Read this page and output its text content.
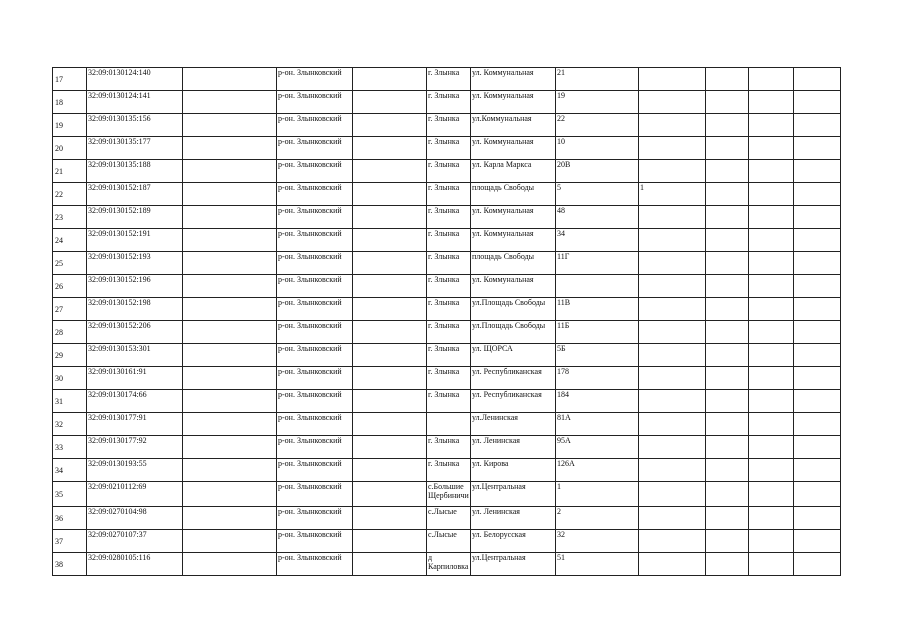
17	32:09:0130124:140		р-он. Злынковский		г. Злынка	ул. Коммунальная	21				
18	32:09:0130124:141		р-он. Злынковский		г. Злынка	ул. Коммунальная	19				
19	32:09:0130135:156		р-он. Злынковский		г. Злынка	ул.Коммунальная	22				
20	32:09:0130135:177		р-он. Злынковский		г. Злынка	ул. Коммунальная	10				
21	32:09:0130135:188		р-он. Злынковский		г. Злынка	ул. Карла Маркса	20В				
22	32:09:0130152:187		р-он. Злынковский		г. Злынка	площадь Свободы	5	1			
23	32:09:0130152:189		р-он. Злынковский		г. Злынка	ул. Коммунальная	48				
24	32:09:0130152:191		р-он. Злынковский		г. Злынка	ул. Коммунальная	34				
25	32:09:0130152:193		р-он. Злынковский		г. Злынка	площадь Свободы	11Г				
26	32:09:0130152:196		р-он. Злынковский		г. Злынка	ул. Коммунальная					
27	32:09:0130152:198		р-он. Злынковский		г. Злынка	ул.Площадь Свободы	11В				
28	32:09:0130152:206		р-он. Злынковский		г. Злынка	ул.Площадь Свободы	11Б				
29	32:09:0130153:301		р-он. Злынковский		г. Злынка	ул. ЩОРСА	5Б				
30	32:09:0130161:91		р-он. Злынковский		г. Злынка	ул. Республиканская	178				
31	32:09:0130174:66		р-он. Злынковский		г. Злынка	ул. Республиканская	184				
32	32:09:0130177:91		р-он. Злынковский			ул.Ленинская	81А				
33	32:09:0130177:92		р-он. Злынковский		г. Злынка	ул. Ленинская	95А				
34	32:09:0130193:55		р-он. Злынковский		г. Злынка	ул. Кирова	126А				
35	32:09:0210112:69		р-он. Злынковский		с.Большие Щербиничи	ул.Центральная	1				
36	32:09:0270104:98		р-он. Злынковский		с.Лысые	ул. Ленинская	2				
37	32:09:0270107:37		р-он. Злынковский		с.Лысые	ул. Белорусская	32				
38	32:09:0280105:116		р-он. Злынковский		д Карпиловка	ул.Центральная	51				
